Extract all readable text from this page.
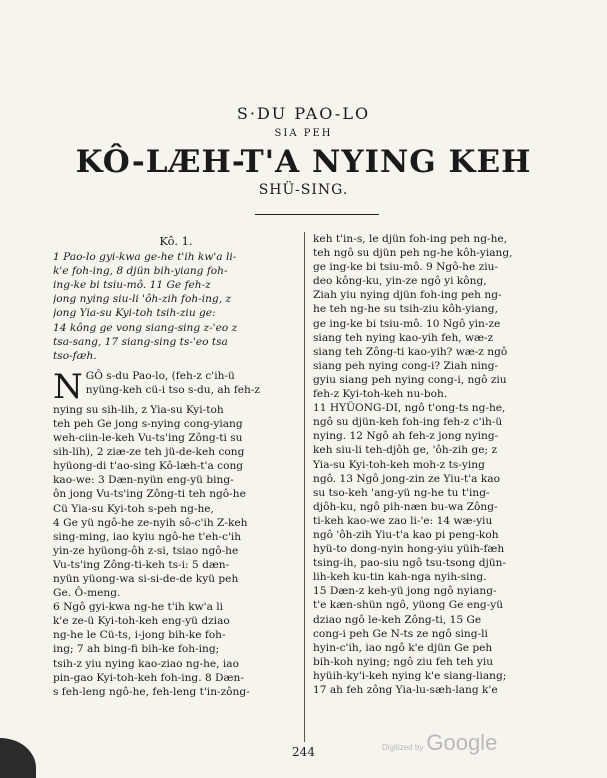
S·DU PAO-LO
SIA PEH
KÔ-LÆH-T'A NYING KEH
SHÜ-SING.
Kô. 1.
1 Pao-lo gyi-kwa ge-he t'ih kw'a li-
k'e foh-ing, 8 djün bih-yiang foh-
ing-ke bi tsiu-mô. 11 Ge feh-z
jong nying siu-li 'ôh-zih foh-ing, z
jong Yia-su Kyi-toh tsih-ziu ge:
14 kông ge vong siang-sing z-'eo z
tsa-sang, 17 siang-sing ts-'eo tsa
tso-fæh.
N GÔ s-du Pao-lo, (feh-z c'ih-ü
nyüng-keh cü-i tso s-du, ah feh-z
nying su sih-lih, z Yia-su Kyi-toh
teh peh Ge jong s-nying cong-yiang
weh-ciin-le-keh Vu-ts'ing Zông-ti su
sih-lih), 2 ziæ-ze teh jü-de-keh cong
hyüong-di t'ao-sing Kô-læh-t'a cong
kao-we: 3 Dæn-nyün eng-yü bing-
ôn jong Vu-ts'ing Zông-ti teh ngô-he
Cü Yia-su Kyi-toh s-peh ng-he,
4 Ge yü ngô-he ze-nyih sô-c'ih Z-keh
sing-ming, iao kyiu ngô-he t'eh-c'ih
yin-ze hyüong-ôh z-si, tsiao ngô-he
Vu-ts'ing Zông-ti-keh ts-i: 5 dæn-
nyün yüong-wa si-si-de-de kyü peh
Ge. Ô-meng.
6 Ngô gyi-kwa ng-he t'ih kw'a li
k'e ze-ü Kyi-toh-keh eng-yü dziao
ng-he le Cü-ts, i-jong bih-ke foh-
ing; 7 ah bing-fi bih-ke foh-ing;
tsih-z yiu nying kao-ziao ng-he, iao
pin-gao Kyi-toh-keh foh-ing. 8 Dæn-
s feh-leng ngô-he, feh-leng t'in-zông-
keh t'in-s, le djün foh-ing peh ng-he,
teh ngô su djün peh ng-he kôh-yiang,
ge ing-ke bi tsiu-mô. 9 Ngô-he ziu-
deo kông-ku, yin-ze ngô yi kông,
Ziah yiu nying djün foh-ing peh ng-
he teh ng-he su tsih-ziu kôh-yiang,
ge ing-ke bi tsiu-mô. 10 Ngô yin-ze
siang teh nying kao-yih feh, wæ-z
siang teh Zông-ti kao-yih? wæ-z ngô
siang peh nying cong-i? Ziah ning-
gyiu siang peh nying cong-i, ngô ziu
feh-z Kyi-toh-keh nu-boh.
11 HYÜONG-DI, ngô t'ong-ts ng-he,
ngô su djün-keh foh-ing feh-z c'ih-ü
nying. 12 Ngô ah feh-z jong nying-
keh siu-li teh-djôh ge, 'ôh-zih ge; z
Yia-su Kyi-toh-keh moh-z ts-ying
ngô. 13 Ngô jong-zin ze Yiu-t'a kao
su tso-keh 'ang-yü ng-he tu t'ing-
djôh-ku, ngô pih-næn bu-wa Zông-
ti-keh kao-we zao li-'e: 14 wæ-yiu
ngô 'ôh-zih Yiu-t'a kao pi peng-koh
hyü-to dong-nyin hong-yiu yüih-fæh
tsing-ih, pao-siu ngô tsu-tsong djün-
lih-keh ku-tin kah-nga nyih-sing.
15 Dæn-z keh-yü jong ngô nyiang-
t'e kæn-shün ngô, yüong Ge eng-yü
dziao ngô le-keh Zông-ti, 15 Ge
cong-i peh Ge N-ts ze ngô sing-li
hyin-c'ih, iao ngô k'e djün Ge peh
bih-koh nying; ngô ziu feh teh yiu
hyüih-ky'i-keh nying k'e siang-liang;
17 ah feh zông Yia-lu-sæh-lang k'e
244	Digitized by Google
